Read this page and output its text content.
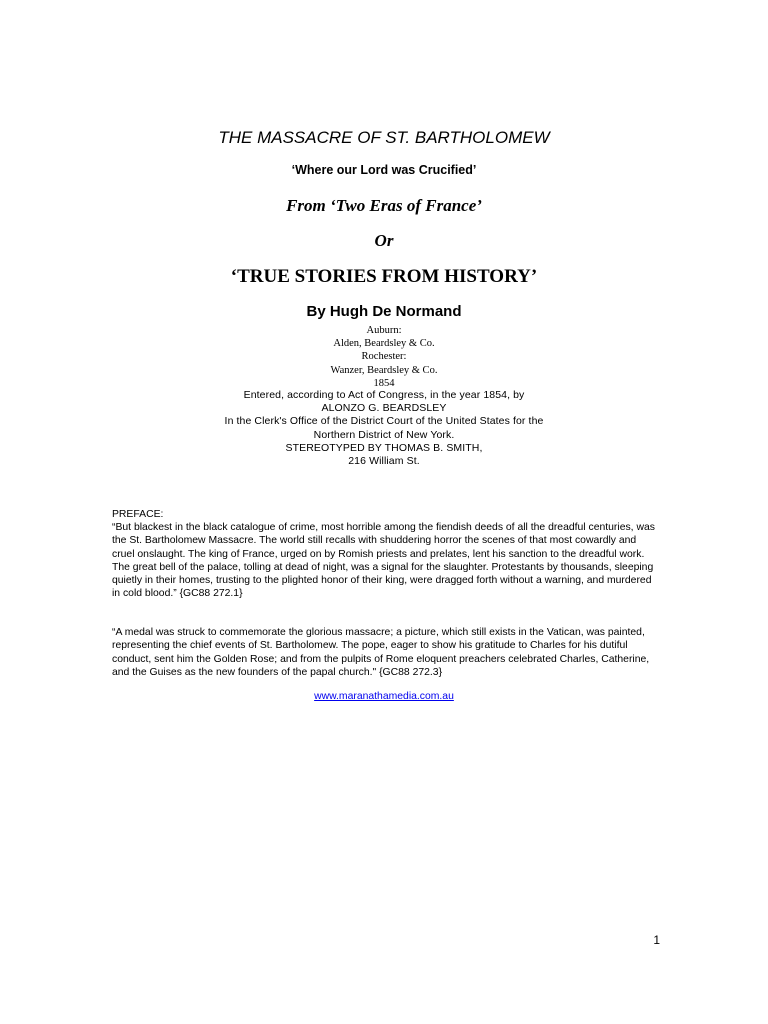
THE MASSACRE OF ST. BARTHOLOMEW
‘Where our Lord was Crucified’
From ‘Two Eras of France’
Or
‘TRUE STORIES FROM HISTORY’
By Hugh De Normand
Auburn:
Alden, Beardsley & Co.
Rochester:
Wanzer, Beardsley & Co.
1854
Entered, according to Act of Congress, in the year 1854, by
ALONZO G. BEARDSLEY
In the Clerk's Office of the District Court of the United States for the
Northern District of New York.
STEREOTYPED BY THOMAS B. SMITH,
216 William St.
PREFACE:

“But blackest in the black catalogue of crime, most horrible among the fiendish deeds of all the dreadful centuries, was the St. Bartholomew Massacre. The world still recalls with shuddering horror the scenes of that most cowardly and cruel onslaught. The king of France, urged on by Romish priests and prelates, lent his sanction to the dreadful work. The great bell of the palace, tolling at dead of night, was a signal for the slaughter. Protestants by thousands, sleeping quietly in their homes, trusting to the plighted honor of their king, were dragged forth without a warning, and murdered in cold blood.” {GC88 272.1}

“A medal was struck to commemorate the glorious massacre; a picture, which still exists in the Vatican, was painted, representing the chief events of St. Bartholomew. The pope, eager to show his gratitude to Charles for his dutiful conduct, sent him the Golden Rose; and from the pulpits of Rome eloquent preachers celebrated Charles, Catherine, and the Guises as the new founders of the papal church." {GC88 272.3}

www.maranathamedia.com.au
1
